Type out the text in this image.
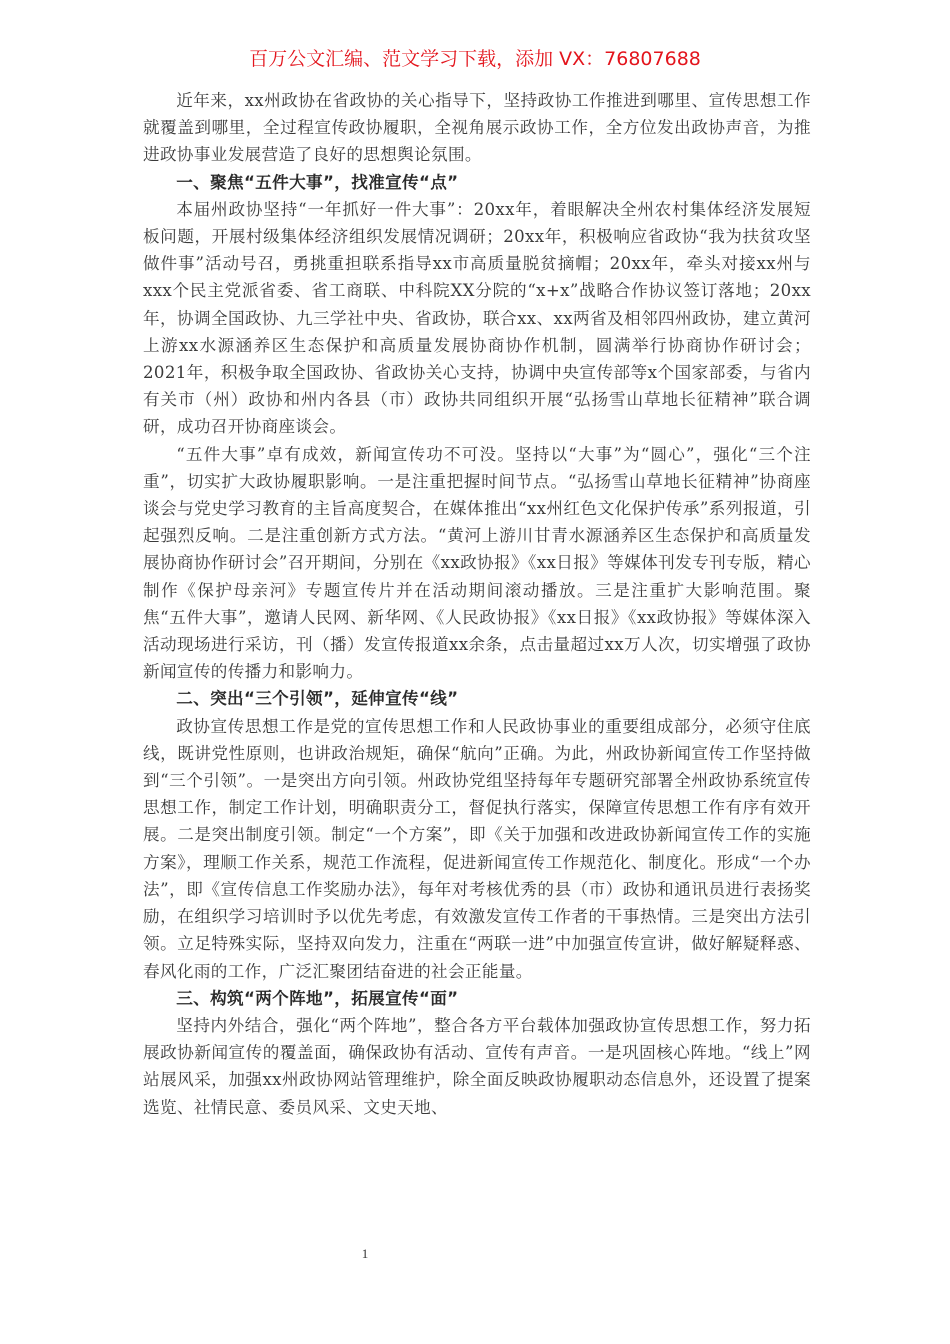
百万公文汇编、范文学习下载，添加 VX：76807688

近年来，xx州政协在省政协的关心指导下，坚持政协工作推进到哪里、宣传思想工作就覆盖到哪里，全过程宣传政协履职，全视角展示政协工作，全方位发出政协声音，为推进政协事业发展营造了良好的思想舆论氛围。

一、聚焦“五件大事”，找准宣传“点”

本届州政协坚持“一年抓好一件大事”：20xx年，着眼解决全州农村集体经济发展短板问题，开展村级集体经济组织发展情况调研；20xx年，积极响应省政协“我为扶贫攻坚做件事”活动号召，勇挑重担联系指导xx市高质量脱贫摘帽；20xx年，牵头对接xx州与xxx个民主党派省委、省工商联、中科院XX分院的“x+x”战略合作协议签订落地；20xx年，协调全国政协、九三学社中央、省政协，联合xx、xx两省及相邻四州政协，建立黄河上游xx水源涵养区生态保护和高质量发展协商协作机制，圆满举行协商协作研讨会；2021年，积极争取全国政协、省政协关心支持，协调中央宣传部等x个国家部委，与省内有关市（州）政协和州内各县（市）政协共同组织开展“弘扬雪山草地长征精神”联合调研，成功召开协商座谈会。

“五件大事”卓有成效，新闻宣传功不可没。坚持以“大事”为“圆心”，强化“三个注重”，切实扩大政协履职影响。一是注重把握时间节点。“弘扬雪山草地长征精神”协商座谈会与党史学习教育的主旨高度契合，在媒体推出“xx州红色文化保护传承”系列报道，引起强烈反响。二是注重创新方式方法。“黄河上游川甘青水源涵养区生态保护和高质量发展协商协作研讨会”召开期间，分别在《xx政协报》《xx日报》等媒体刊发专刊专版，精心制作《保护母亲河》专题宣传片并在活动期间滚动播放。三是注重扩大影响范围。聚焦“五件大事”，邀请人民网、新华网、《人民政协报》《xx日报》《xx政协报》等媒体深入活动现场进行采访，刊（播）发宣传报道xx余条，点击量超过xx万人次，切实增强了政协新闻宣传的传播力和影响力。

二、突出“三个引领”，延伸宣传“线”

政协宣传思想工作是党的宣传思想工作和人民政协事业的重要组成部分，必须守住底线，既讲党性原则，也讲政治规矩，确保“航向”正确。为此，州政协新闻宣传工作坚持做到“三个引领”。一是突出方向引领。州政协党组坚持每年专题研究部署全州政协系统宣传思想工作，制定工作计划，明确职责分工，督促执行落实，保障宣传思想工作有序有效开展。二是突出制度引领。制定“一个方案”，即《关于加强和改进政协新闻宣传工作的实施方案》，理顺工作关系，规范工作流程，促进新闻宣传工作规范化、制度化。形成“一个办法”，即《宣传信息工作奖励办法》，每年对考核优秀的县（市）政协和通讯员进行表扬奖励，在组织学习培训时予以优先考虑，有效激发宣传工作者的干事热情。三是突出方法引领。立足特殊实际，坚持双向发力，注重在“两联一进”中加强宣传宣讲，做好解疑释惑、春风化雨的工作，广泛汇聚团结奋进的社会正能量。

三、构筑“两个阵地”，拓展宣传“面”

坚持内外结合，强化“两个阵地”，整合各方平台载体加强政协宣传思想工作，努力拓展政协新闻宣传的覆盖面，确保政协有活动、宣传有声音。一是巩固核心阵地。“线上”网站展风采，加强xx州政协网站管理维护，除全面反映政协履职动态信息外，还设置了提案选览、社情民意、委员风采、文史天地、

1
